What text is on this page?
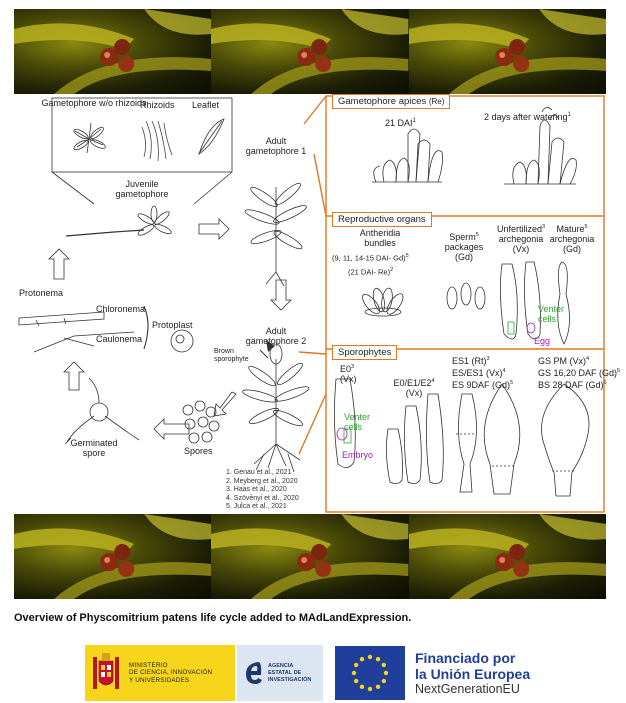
Gametophore w/o rhizoids
Rhizoids Leaflet
Juvenile
gametophore
Protonema
Chloronema
Caulonema
Protoplast
Germinated
spore	Spores
Adult
gametophore 1
Adult
gametophore 2
Brown
sporophyte
1. Genau et al., 2021
2. Meyberg et al., 2020
3. Haas et al., 2020
4. Szövényi et al., 2020
5. Julca et al., 2021
Gametophore apices (Re)
21 DAI$^1$	2 days after watering$^1$
Reproductive organs
Antheridia
bundles
(9, 11, 14-15 DAI- Gd)$^5$
(21 DAI- Re)$^2$
Sperm$^5$
packages
(Gd)
Unfertilized$^3$
archegonia
(Vx)
Mature$^5$
archegonia
(Gd)
Venter
cells
Egg
Sporophytes
$E0^3$
(Vx)	$E0/E1/E2^4$
(Vx)
Venter
cells
Embryo
ES1 $(Rt)^3$
ES/ES1 $(Vx)^4$
ES 9DAF $(Gd)^5$
GS PM $(Vx)^4$
GS 16,20 DAF $(Gd)^5$
BS 28 DAF $(Gd)^6$
Overview of Physcomitrium patens life cycle added to MAdLandExpression.
MINISTERIO
DE CIENCIA, INNOVACIÓN
Y UNIVERSIDADES
AGENCIA
ESTATAL DE
INVESTIGACIÓN
Financiado por
la Unión Europea
NextGenerationEU
